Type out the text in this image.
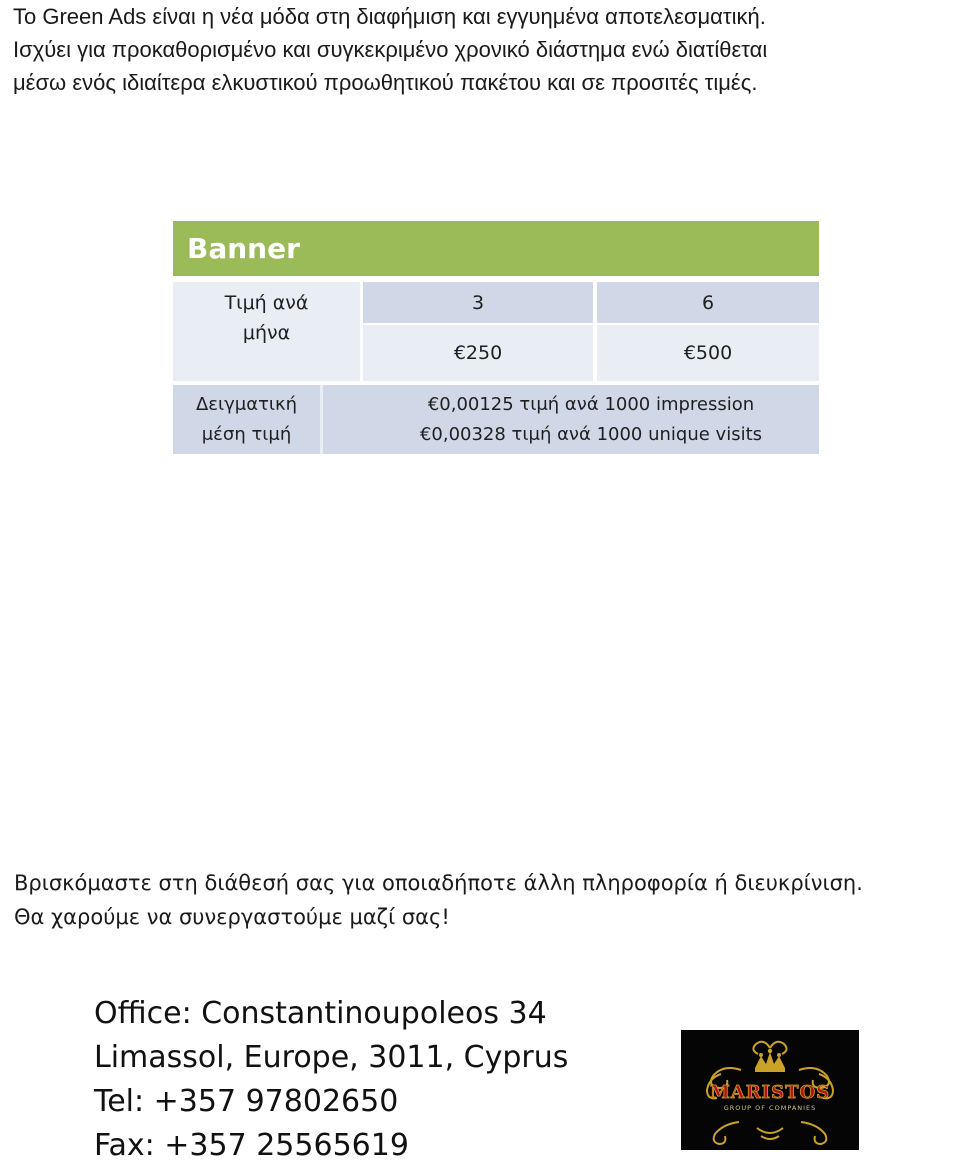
To Green Ads είναι η νέα μόδα στη διαφήμιση και εγγυημένα αποτελεσματική.

Ισχύει για προκαθορισμένο και συγκεκριμένο χρονικό διάστημα ενώ διατίθεται

μέσω ενός ιδιαίτερα ελκυστικού προωθητικού πακέτου και σε προσιτές τιμές.

Banner
Τιμή ανά μήνα
3	6
€250	€500
Δειγματική μέση τιμή
€0,00125 τιμή ανά 1000 impression
€0,00328 τιμή ανά 1000 unique visits

Βρισκόμαστε στη διάθεσή σας για οποιαδήποτε άλλη πληροφορία ή διευκρίνιση.

Θα χαρούμε να συνεργαστούμε μαζί σας!

Office: Constantinoupoleos 34

Limassol, Europe, 3011, Cyprus

Tel: +357 97802650

Fax: +357 25565619

MARISTOS
GROUP OF COMPANIES
